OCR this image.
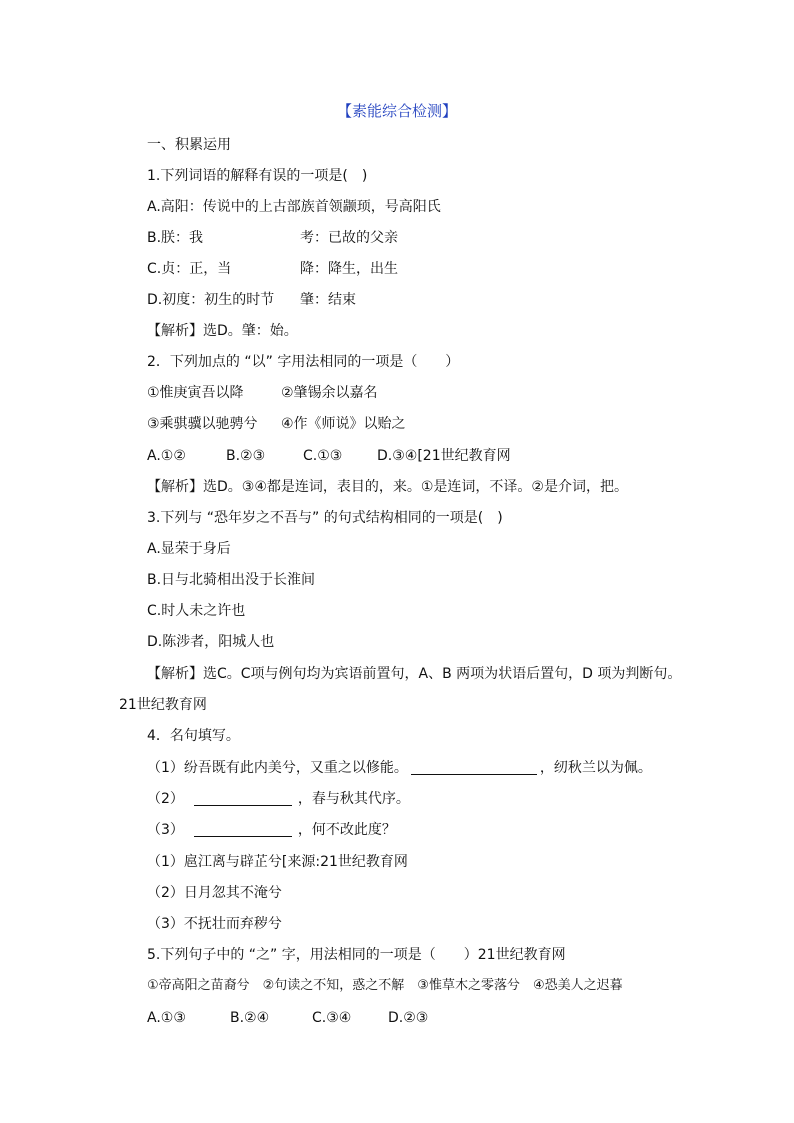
【素能综合检测】
一、积累运用
1.下列词语的解释有误的一项是(　)
A.高阳：传说中的上古部族首领颛顼，号高阳氏
B.朕：我	考：已故的父亲
C.贞：正，当	降：降生，出生
D.初度：初生的时节 肇：结束
【解析】选D。肇：始。
2．下列加点的 “以” 字用法相同的一项是（　　）
①惟庚寅吾以降	②肇锡余以嘉名
③乘骐骥以驰骋兮 ④作《师说》以贻之
A.①②	B.②③	C.①③ D.③④[21世纪教育网
【解析】选D。③④都是连词，表目的，来。①是连词，不译。②是介词，把。
3.下列与 “恐年岁之不吾与” 的句式结构相同的一项是(　)
A.显荣于身后
B.日与北骑相出没于长淮间
C.时人未之许也
D.陈涉者，阳城人也
【解析】选C。C项与例句均为宾语前置句，A、B 两项为状语后置句，D 项为判断句。
21世纪教育网
4．名句填写。
（1）纷吾既有此内美兮，又重之以修能。	，纫秋兰以为佩。
（2）	，春与秋其代序。
（3）	，何不改此度？
（1）扈江离与辟芷兮[来源:21世纪教育网
（2）日月忽其不淹兮
（3）不抚壮而弃秽兮
5.下列句子中的 “之” 字，用法相同的一项是（　　）21世纪教育网
①帝高阳之苗裔兮　②句读之不知，惑之不解　③惟草木之零落兮　④恐美人之迟暮
A.①③	B.②④	C.③④	D.②③
